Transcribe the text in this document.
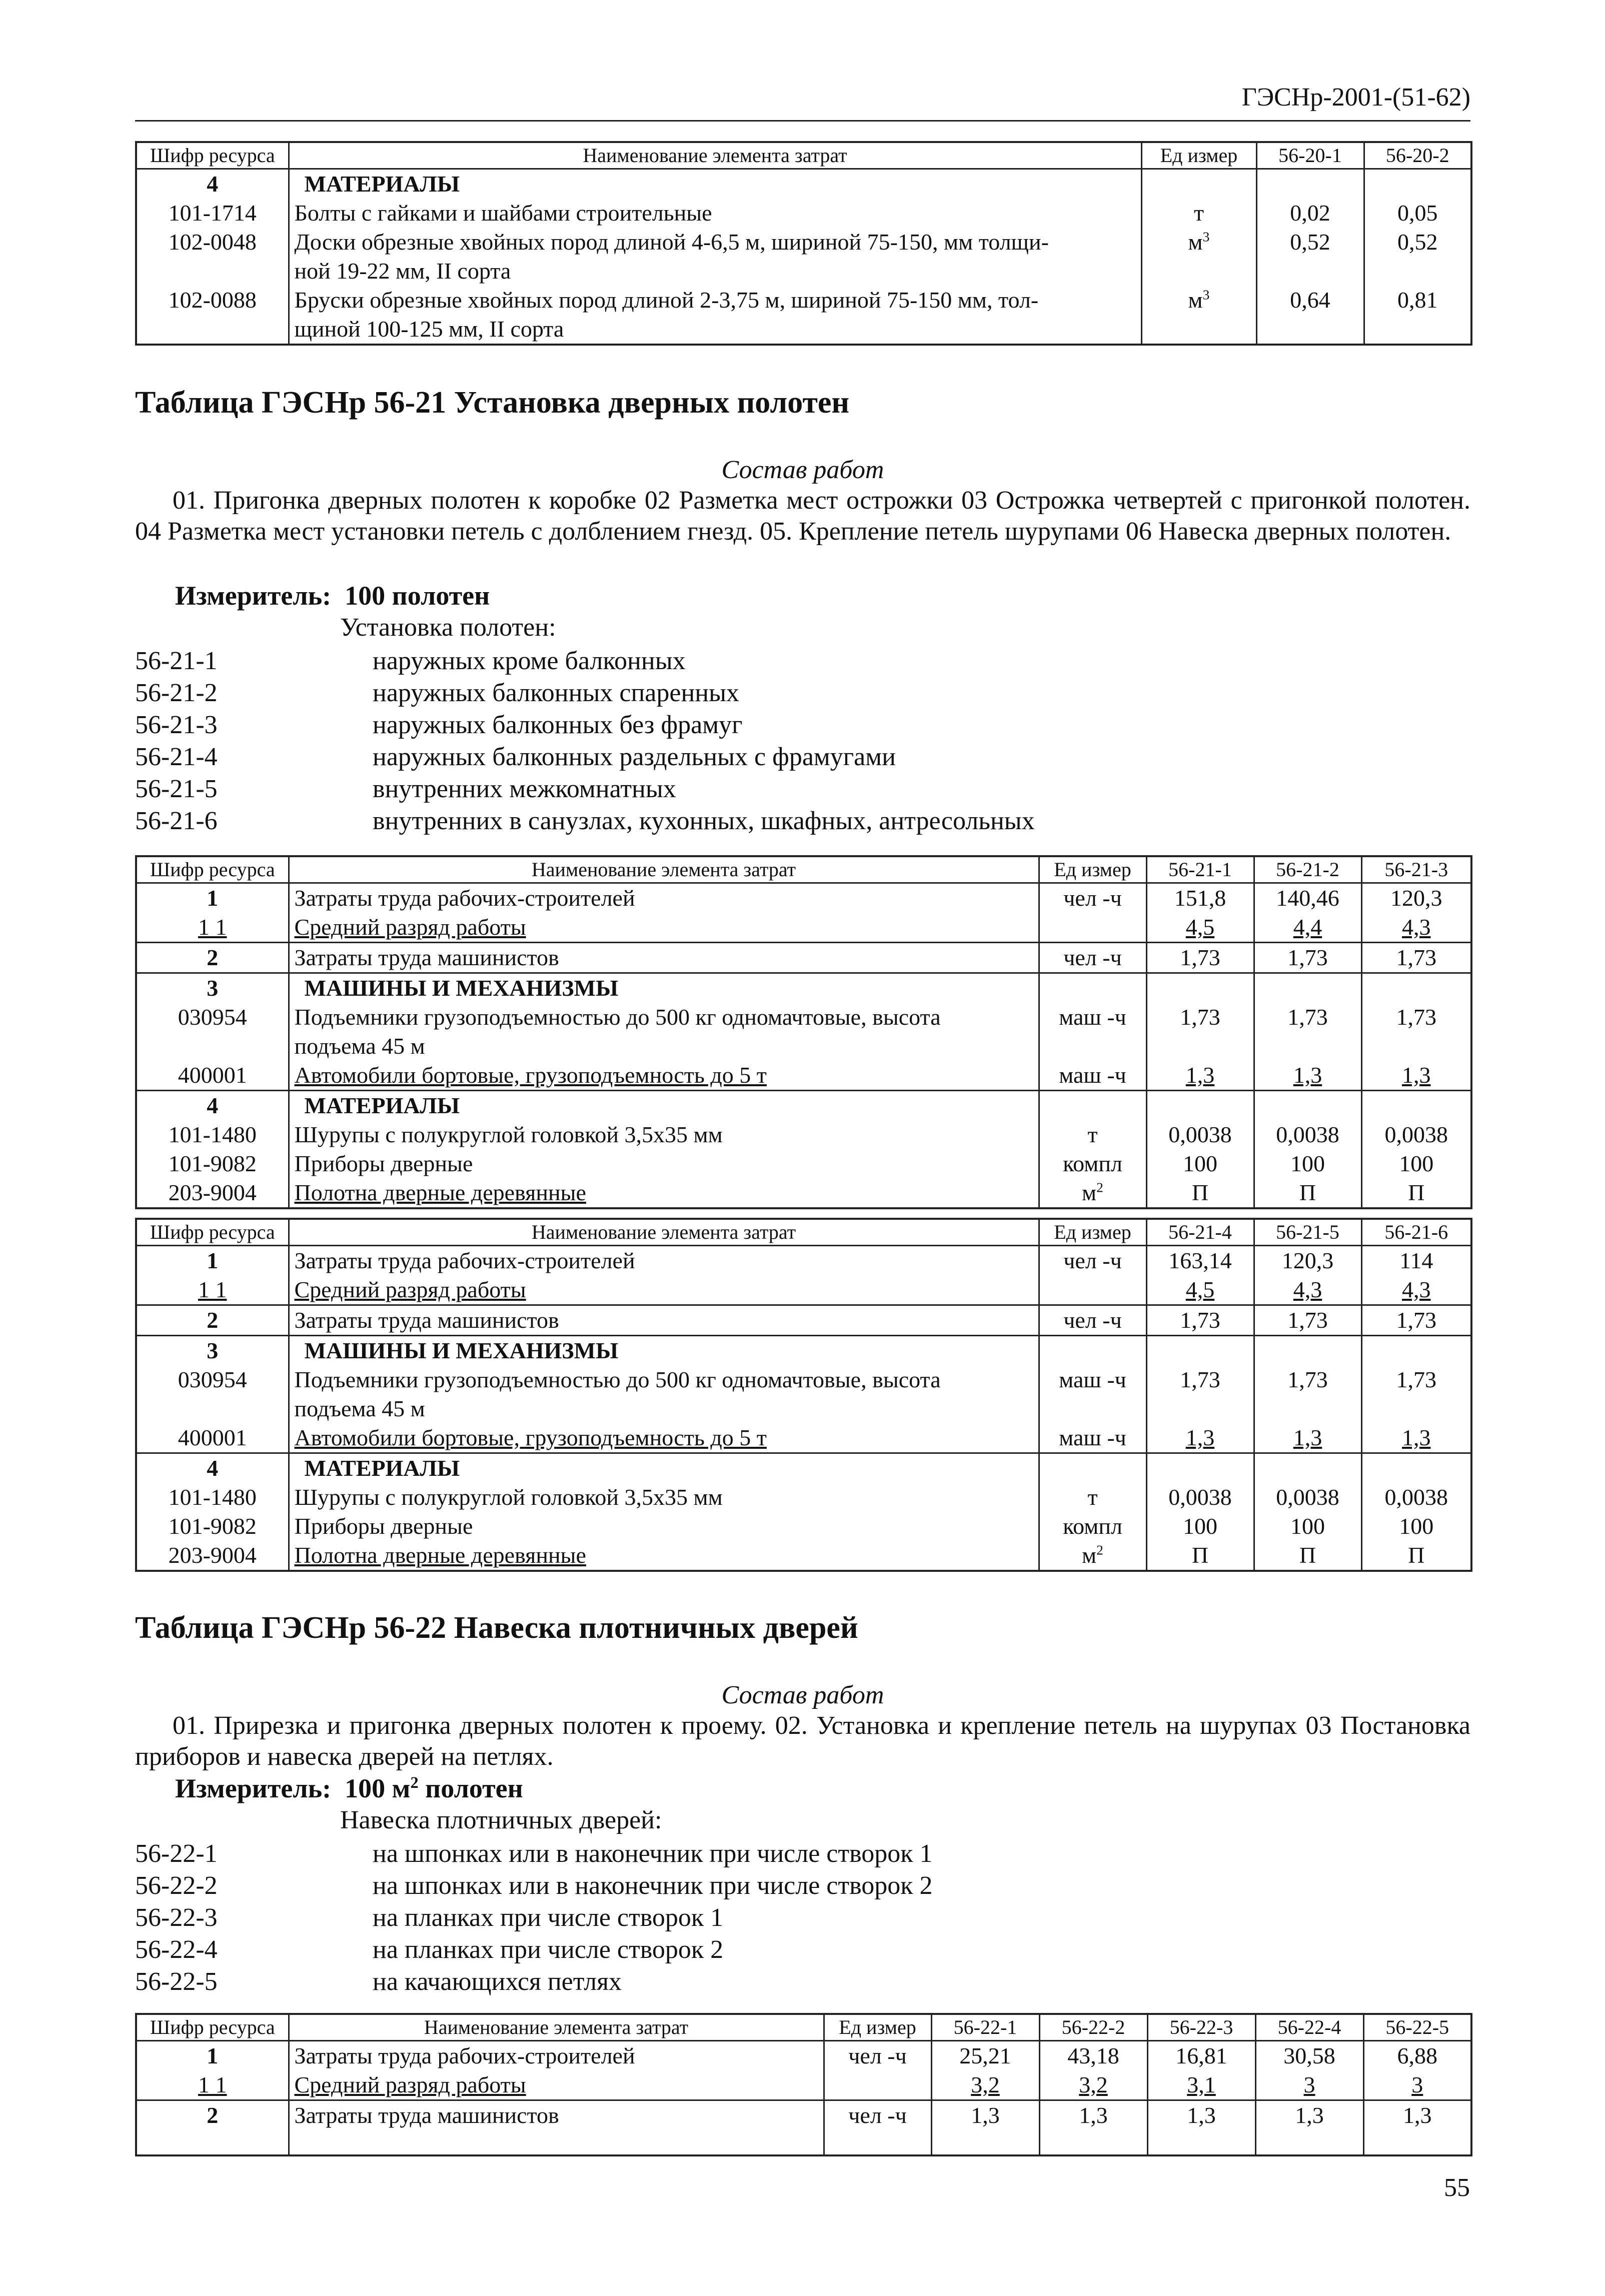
ГЭСНр-2001-(51-62)
Шифр ресурса	Наименование элемента затрат	Ед измер	56-20-1	56-20-2
4	МАТЕРИАЛЫ			
101-1714	Болты с гайками и шайбами строительные	т	0,02	0,05
102-0048	Доски обрезные хвойных пород длиной 4-6,5 м, шириной 75-150, мм толщи-
ной 19-22 мм, II сорта	$м^3$	0,52	0,52
102-0088	Бруски обрезные хвойных пород длиной 2-3,75 м, шириной 75-150 мм, тол-
щиной 100-125 мм, II сорта	$м^3$	0,64	0,81
Таблица ГЭСНр 56-21 Установка дверных полотен
Состав работ
01. Пригонка дверных полотен к коробке 02 Разметка мест острожки 03 Острожка четвертей с пригонкой полотен. 04 Разметка мест установки петель с долблением гнезд. 05. Крепление петель шурупами 06 Навеска дверных полотен.
Измеритель: 100 полотен
Установка полотен:
56-21-1	наружных кроме балконных
56-21-2	наружных балконных спаренных
56-21-3	наружных балконных без фрамуг
56-21-4	наружных балконных раздельных с фрамугами
56-21-5	внутренних межкомнатных
56-21-6	внутренних в санузлах, кухонных, шкафных, антресольных
Шифр ресурса	Наименование элемента затрат	Ед измер	56-21-1	56-21-2	56-21-3
1	Затраты труда рабочих-строителей	чел -ч	151,8	140,46	120,3
1 1	Средний разряд работы		4,5	4,4	4,3
2	Затраты труда машинистов	чел -ч	1,73	1,73	1,73
3	МАШИНЫ И МЕХАНИЗМЫ				
030954	Подъемники грузоподъемностью до 500 кг одномачтовые, высота
подъема 45 м	маш -ч	1,73	1,73	1,73
400001	Автомобили бортовые, грузоподъемность до 5 т	маш -ч	1,3	1,3	1,3
4	МАТЕРИАЛЫ				
101-1480	Шурупы с полукруглой головкой 3,5х35 мм	т	0,0038	0,0038	0,0038
101-9082	Приборы дверные	компл	100	100	100
203-9004	Полотна дверные деревянные	$м^2$	П	П	П
Шифр ресурса	Наименование элемента затрат	Ед измер	56-21-4	56-21-5	56-21-6
1	Затраты труда рабочих-строителей	чел -ч	163,14	120,3	114
1 1	Средний разряд работы		4,5	4,3	4,3
2	Затраты труда машинистов	чел -ч	1,73	1,73	1,73
3	МАШИНЫ И МЕХАНИЗМЫ				
030954	Подъемники грузоподъемностью до 500 кг одномачтовые, высота
подъема 45 м	маш -ч	1,73	1,73	1,73
400001	Автомобили бортовые, грузоподъемность до 5 т	маш -ч	1,3	1,3	1,3
4	МАТЕРИАЛЫ				
101-1480	Шурупы с полукруглой головкой 3,5х35 мм	т	0,0038	0,0038	0,0038
101-9082	Приборы дверные	компл	100	100	100
203-9004	Полотна дверные деревянные	$м^2$	П	П	П
Таблица ГЭСНр 56-22 Навеска плотничных дверей
Состав работ
01. Прирезка и пригонка дверных полотен к проему. 02. Установка и крепление петель на шурупах 03 Постановка приборов и навеска дверей на петлях.
Измеритель: 100 $м^2$ полотен
Навеска плотничных дверей:
56-22-1	на шпонках или в наконечник при числе створок 1
56-22-2	на шпонках или в наконечник при числе створок 2
56-22-3	на планках при числе створок 1
56-22-4	на планках при числе створок 2
56-22-5	на качающихся петлях
Шифр ресурса	Наименование элемента затрат	Ед измер	56-22-1	56-22-2	56-22-3	56-22-4	56-22-5
1	Затраты труда рабочих-строителей	чел -ч	25,21	43,18	16,81	30,58	6,88
1 1	Средний разряд работы		3,2	3,2	3,1	3	3
2	Затраты труда машинистов	чел -ч	1,3	1,3	1,3	1,3	1,3
55
